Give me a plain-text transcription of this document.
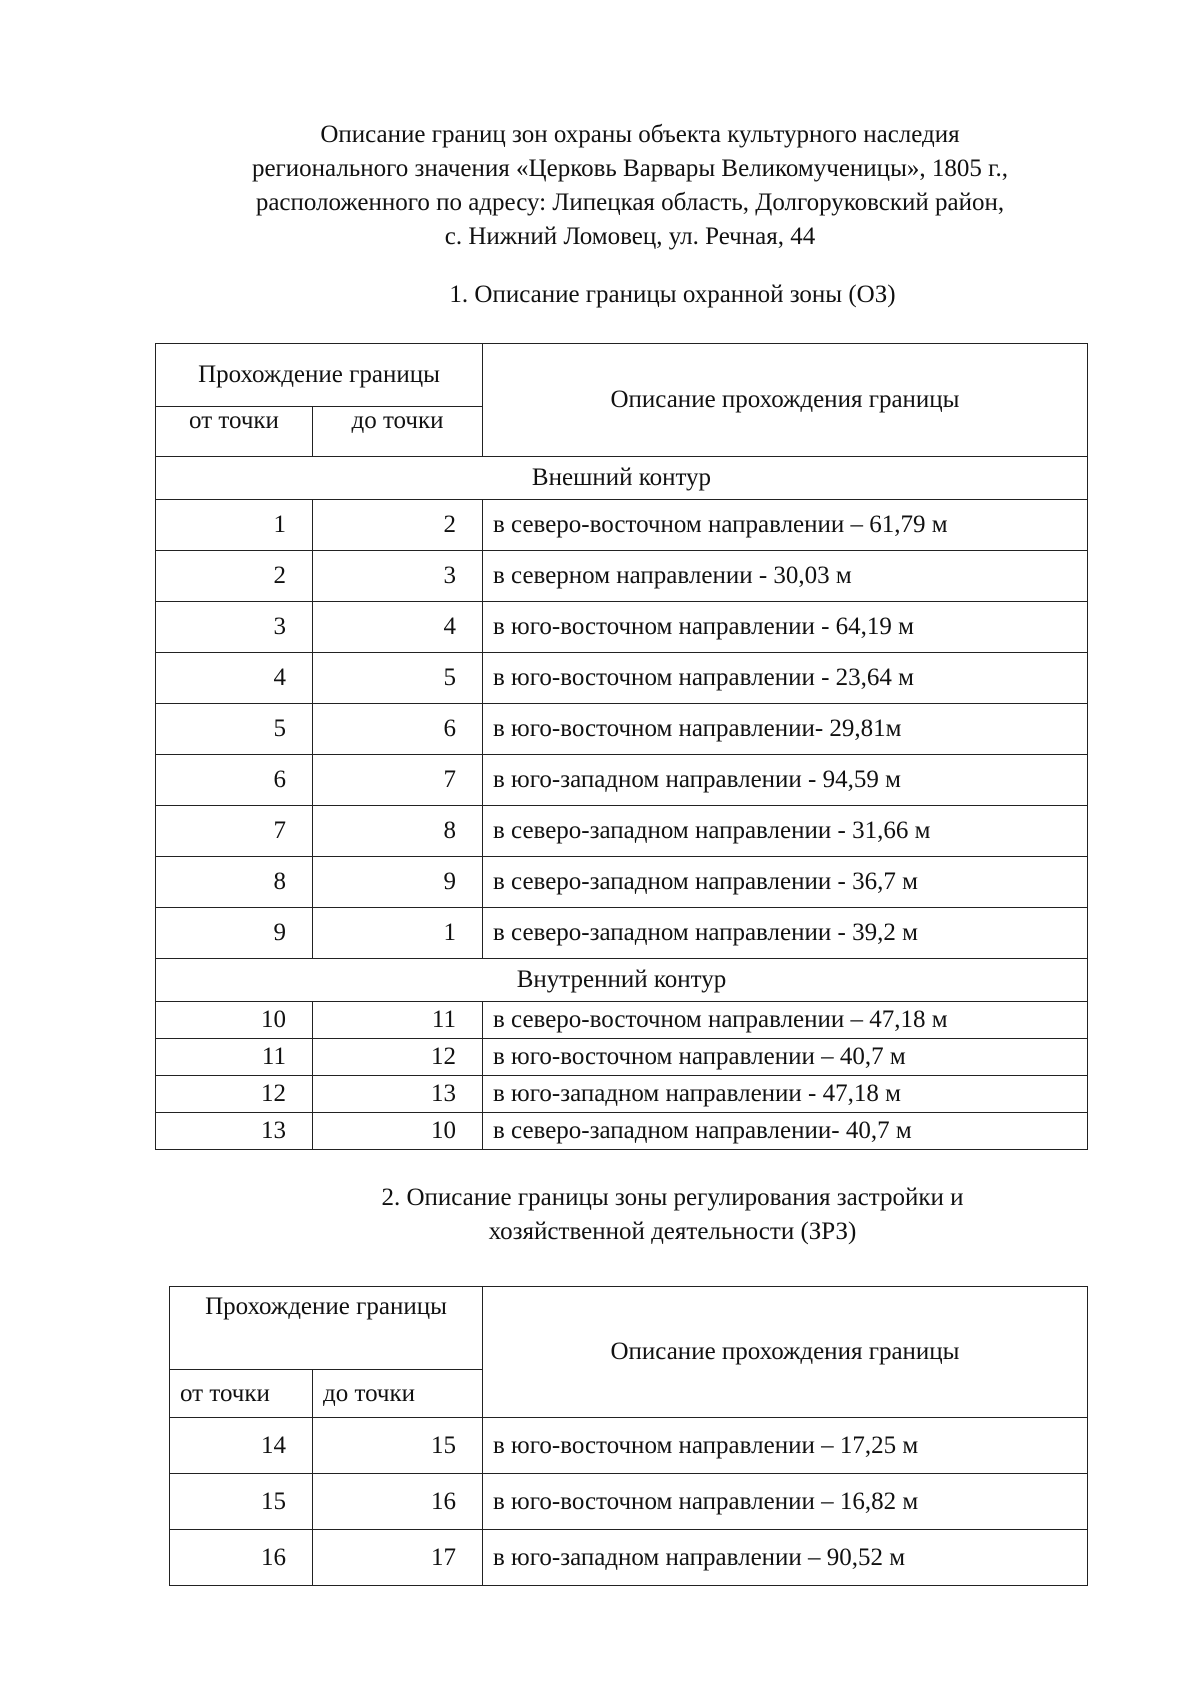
Описание границ зон охраны объекта культурного наследия
регионального значения «Церковь Варвары Великомученицы», 1805 г.,
расположенного по адресу: Липецкая область, Долгоруковский район,
с. Нижний Ломовец, ул. Речная, 44
1. Описание границы охранной зоны (ОЗ)
Прохождение границы		Описание прохождения границы
от точки	до точки	
Внешний контур		
1	2	в северо-восточном направлении – 61,79 м
2	3	в северном направлении - 30,03 м
3	4	в юго-восточном направлении - 64,19 м
4	5	в юго-восточном направлении - 23,64 м
5	6	в юго-восточном направлении- 29,81м
6	7	в юго-западном направлении - 94,59 м
7	8	в северо-западном направлении - 31,66 м
8	9	в северо-западном направлении - 36,7 м
9	1	в северо-западном направлении - 39,2 м
Внутренний контур		
10	11	в северо-восточном направлении – 47,18 м
11	12	в юго-восточном направлении – 40,7 м
12	13	в юго-западном направлении - 47,18 м
13	10	в северо-западном направлении- 40,7 м
2. Описание границы зоны регулирования застройки и
хозяйственной деятельности (ЗРЗ)
Прохождение границы		Описание прохождения границы
от точки	до точки	
14	15	в юго-восточном направлении – 17,25 м
15	16	в юго-восточном направлении – 16,82 м
16	17	в юго-западном направлении – 90,52 м
